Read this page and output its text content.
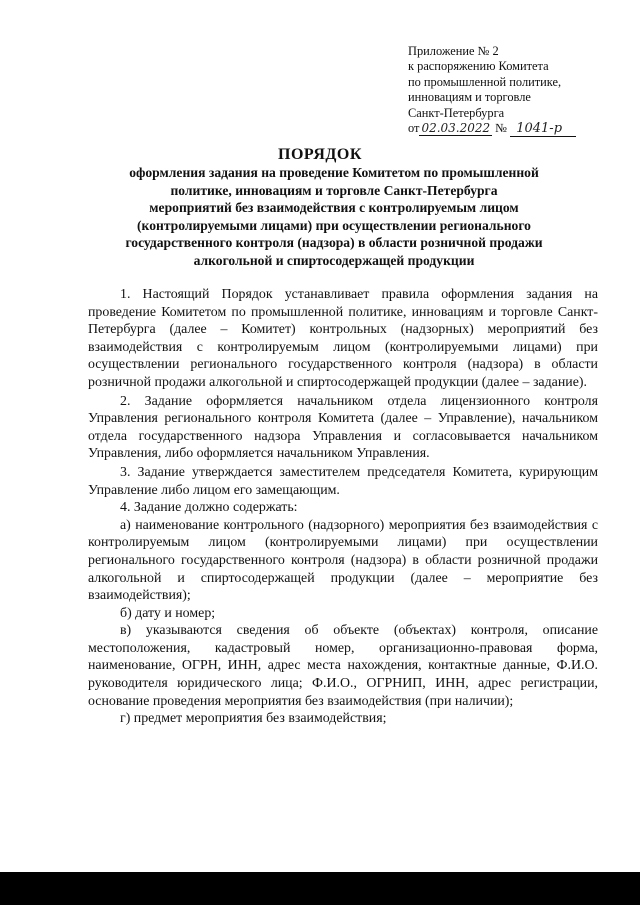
Приложение № 2
к распоряжению Комитета
по промышленной политике,
инновациям и торговле
Санкт-Петербурга
от 02.03.2022 № 1041-р
ПОРЯДОК
оформления задания на проведение Комитетом по промышленной
политике, инновациям и торговле Санкт-Петербурга
мероприятий без взаимодействия с контролируемым лицом
(контролируемыми лицами) при осуществлении регионального
государственного контроля (надзора) в области розничной продажи
алкогольной и спиртосодержащей продукции

1. Настоящий Порядок устанавливает правила оформления задания на проведение Комитетом по промышленной политике, инновациям и торговле Санкт-Петербурга (далее – Комитет) контрольных (надзорных) мероприятий без взаимодействия с контролируемым лицом (контролируемыми лицами) при осуществлении регионального государственного контроля (надзора) в области розничной продажи алкогольной и спиртосодержащей продукции (далее – задание).

2. Задание оформляется начальником отдела лицензионного контроля Управления регионального контроля Комитета (далее – Управление), начальником отдела государственного надзора Управления и согласовывается начальником Управления, либо оформляется начальником Управления.

3. Задание утверждается заместителем председателя Комитета, курирующим Управление либо лицом его замещающим.

4. Задание должно содержать:

а) наименование контрольного (надзорного) мероприятия без взаимодействия с контролируемым лицом (контролируемыми лицами) при осуществлении регионального государственного контроля (надзора) в области розничной продажи алкогольной и спиртосодержащей продукции (далее – мероприятие без взаимодействия);

б) дату и номер;

в) указываются сведения об объекте (объектах) контроля, описание местоположения, кадастровый номер, организационно-правовая форма, наименование, ОГРН, ИНН, адрес места нахождения, контактные данные, Ф.И.О. руководителя юридического лица; Ф.И.О., ОГРНИП, ИНН, адрес регистрации, основание проведения мероприятия без взаимодействия (при наличии);

г) предмет мероприятия без взаимодействия;
